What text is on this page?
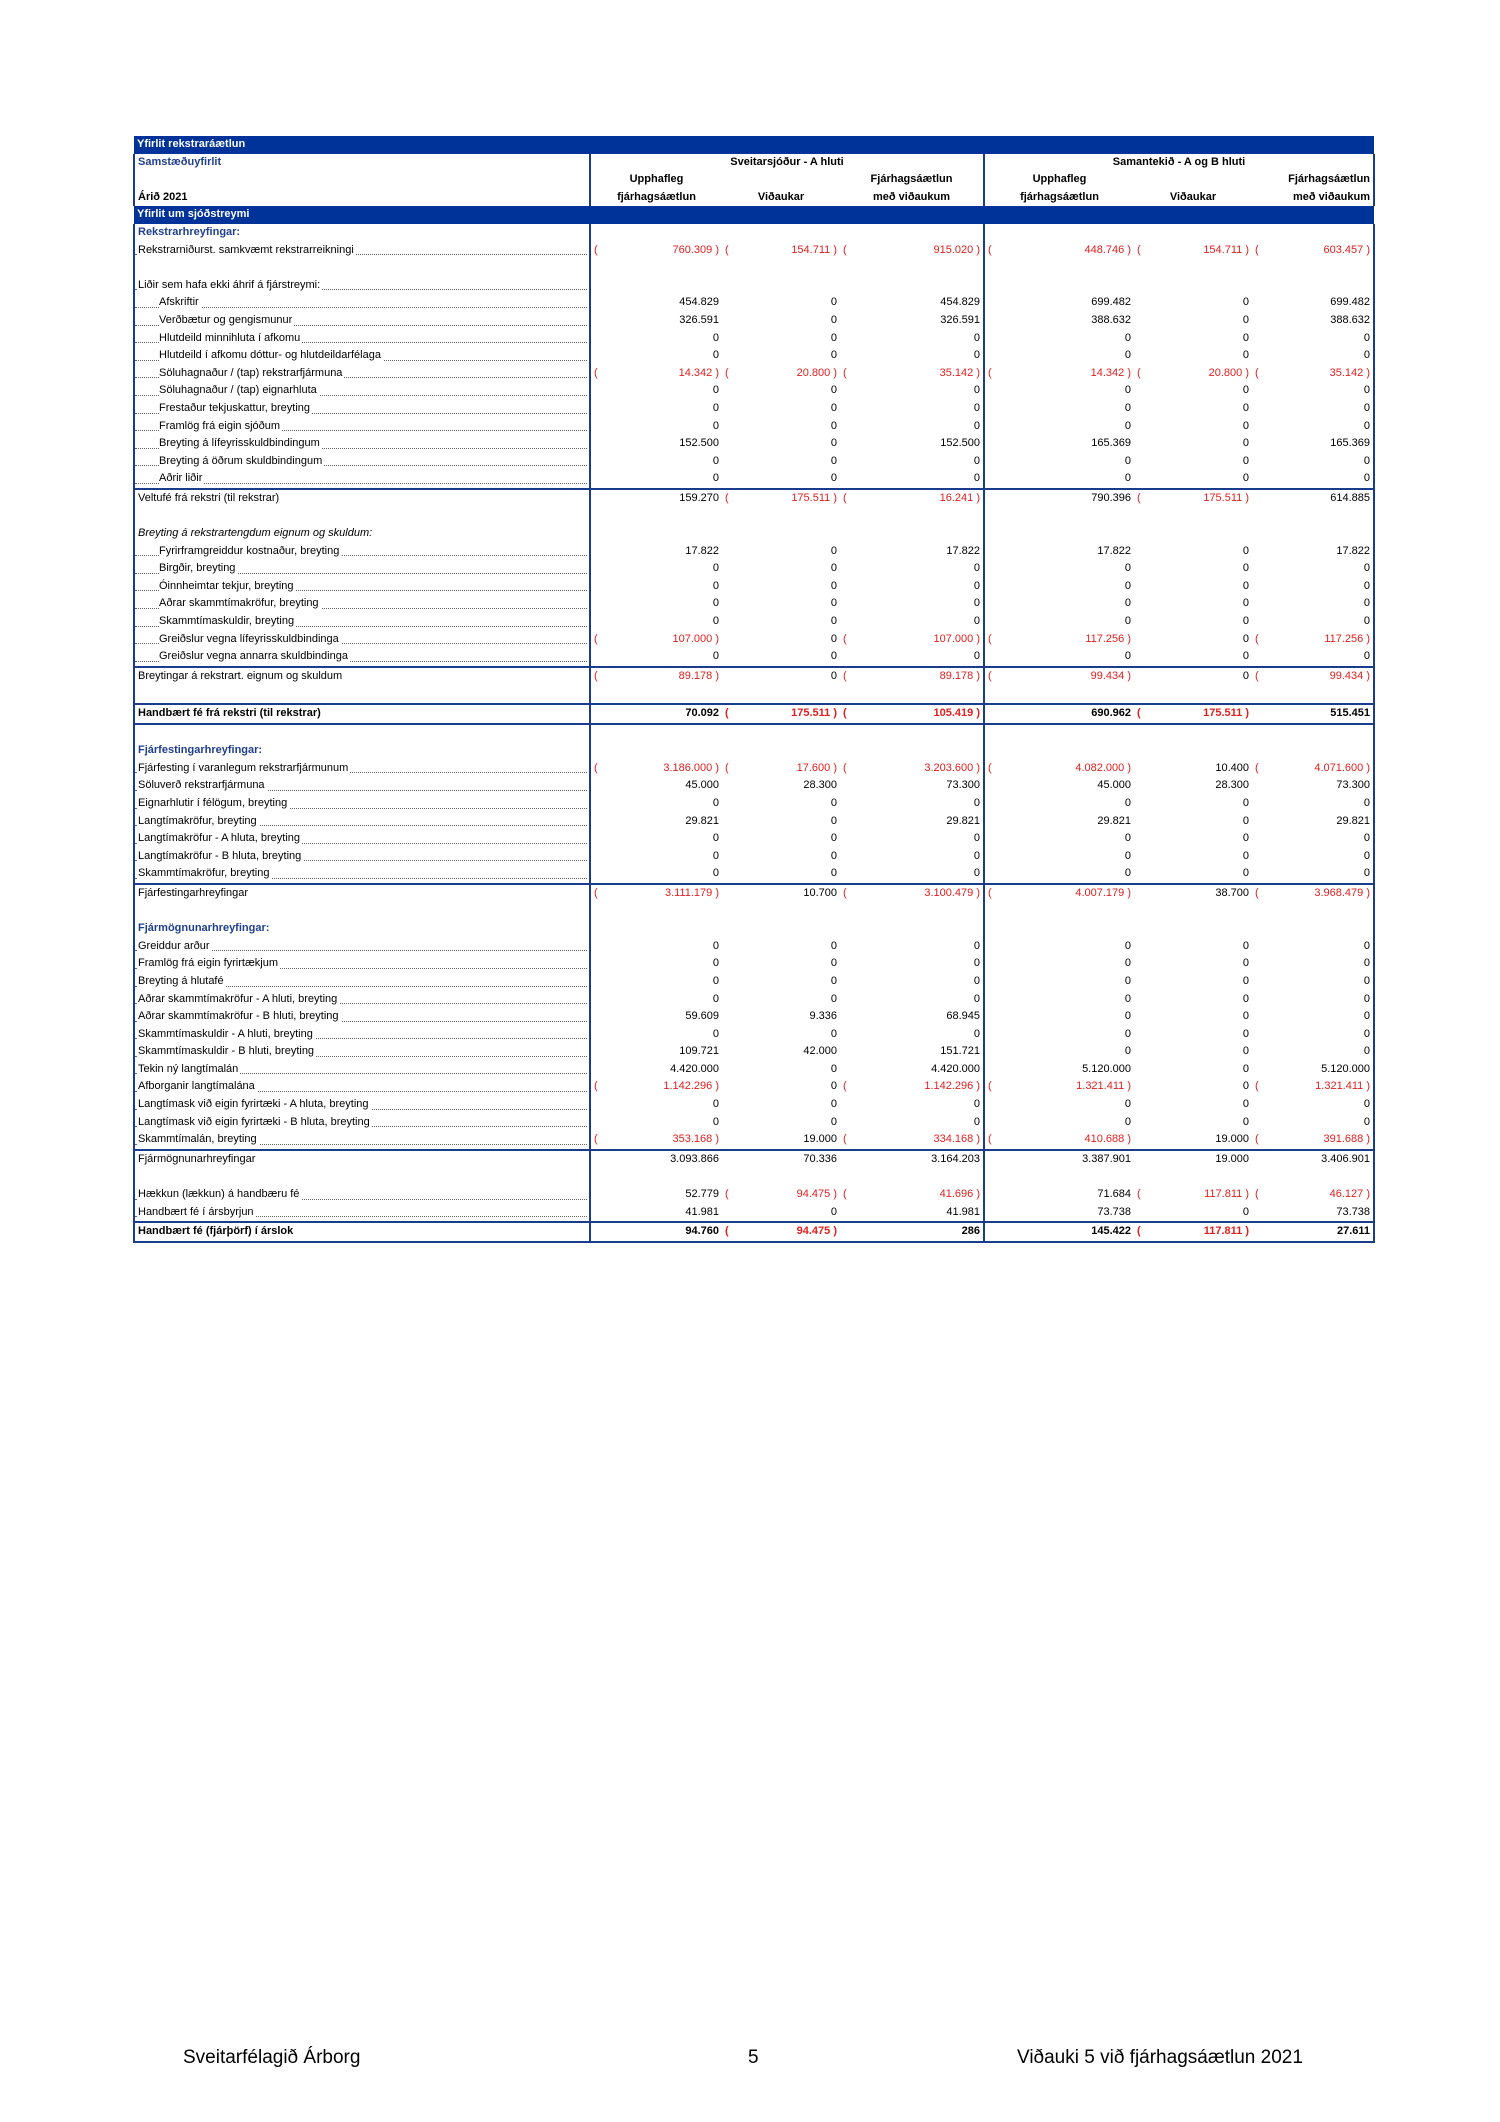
Yfirlit rekstraráætlun						
Samstæðuyfirlit	Sveitarsjóður - A hluti			Samantekið - A og B hluti		
	Upphafleg		Fjárhagsáætlun	Upphafleg		Fjárhagsáætlun
Árið 2021	fjárhagsáætlun	Viðaukar	með viðaukum	fjárhagsáætlun	Viðaukar	með viðaukum
Yfirlit um sjóðstreymi						
Rekstrarhreyfingar:						

Rekstrarniðurst. samkvæmt rekstrarreikningi	( 760.309 )	( 154.711 )	( 915.020 )	( 448.746 )	( 154.711 )	( 603.457 )

Liðir sem hafa ekki áhrif á fjárstreymi:						

Afskriftir	454.829	0	454.829	699.482	0	699.482

Verðbætur og gengismunur	326.591	0	326.591	388.632	0	388.632

Hlutdeild minnihluta í afkomu	0	0	0	0	0	0

Hlutdeild í afkomu dóttur- og hlutdeildarfélaga	0	0	0	0	0	0

Söluhagnaður / (tap) rekstrarfjármuna	( 14.342 )	( 20.800 )	( 35.142 )	( 14.342 )	( 20.800 )	( 35.142 )

Söluhagnaður / (tap) eignarhluta	0	0	0	0	0	0

Frestaður tekjuskattur, breyting	0	0	0	0	0	0

Framlög frá eigin sjóðum	0	0	0	0	0	0

Breyting á lífeyrisskuldbindingum	152.500	0	152.500	165.369	0	165.369

Breyting á öðrum skuldbindingum	0	0	0	0	0	0

Aðrir liðir	0	0	0	0	0	0
Veltufé frá rekstri (til rekstrar)	159.270	( 175.511 )	( 16.241 )	790.396	( 175.511 )	614.885

Breyting á rekstrartengdum eignum og skuldum:						

Fyrirframgreiddur kostnaður, breyting	17.822	0	17.822	17.822	0	17.822

Birgðir, breyting	0	0	0	0	0	0

Óinnheimtar tekjur, breyting	0	0	0	0	0	0

Aðrar skammtímakröfur, breyting	0	0	0	0	0	0

Skammtímaskuldir, breyting	0	0	0	0	0	0

Greiðslur vegna lífeyrisskuldbindinga	( 107.000 )	0	( 107.000 )	( 117.256 )	0	( 117.256 )

Greiðslur vegna annarra skuldbindinga	0	0	0	0	0	0
Breytingar á rekstrart. eignum og skuldum	( 89.178 )	0	( 89.178 )	( 99.434 )	0	( 99.434 )

Handbært fé frá rekstri (til rekstrar)	70.092	( 175.511 )	( 105.419 )	690.962	( 175.511 )	515.451

Fjárfestingarhreyfingar:						

Fjárfesting í varanlegum rekstrarfjármunum	( 3.186.000 )	( 17.600 )	( 3.203.600 )	( 4.082.000 )	10.400	( 4.071.600 )

Söluverð rekstrarfjármuna	45.000	28.300	73.300	45.000	28.300	73.300

Eignarhlutir í félögum, breyting	0	0	0	0	0	0

Langtímakröfur, breyting	29.821	0	29.821	29.821	0	29.821

Langtímakröfur - A hluta, breyting	0	0	0	0	0	0

Langtímakröfur - B hluta, breyting	0	0	0	0	0	0

Skammtímakröfur, breyting	0	0	0	0	0	0
Fjárfestingarhreyfingar	( 3.111.179 )	10.700	( 3.100.479 )	( 4.007.179 )	38.700	( 3.968.479 )

Fjármögnunarhreyfingar:						

Greiddur arður	0	0	0	0	0	0

Framlög frá eigin fyrirtækjum	0	0	0	0	0	0

Breyting á hlutafé	0	0	0	0	0	0

Aðrar skammtímakröfur - A hluti, breyting	0	0	0	0	0	0

Aðrar skammtímakröfur - B hluti, breyting	59.609	9.336	68.945	0	0	0

Skammtímaskuldir - A hluti, breyting	0	0	0	0	0	0

Skammtímaskuldir - B hluti, breyting	109.721	42.000	151.721	0	0	0

Tekin ný langtímalán	4.420.000	0	4.420.000	5.120.000	0	5.120.000

Afborganir langtímalána	( 1.142.296 )	0	( 1.142.296 )	( 1.321.411 )	0	( 1.321.411 )

Langtímask við eigin fyrirtæki - A hluta, breyting	0	0	0	0	0	0

Langtímask við eigin fyrirtæki - B hluta, breyting	0	0	0	0	0	0

Skammtímalán, breyting	( 353.168 )	19.000	( 334.168 )	( 410.688 )	19.000	( 391.688 )
Fjármögnunarhreyfingar	3.093.866	70.336	3.164.203	3.387.901	19.000	3.406.901

Hækkun (lækkun) á handbæru fé	52.779	( 94.475 )	( 41.696 )	71.684	( 117.811 )	( 46.127 )

Handbært fé í ársbyrjun	41.981	0	41.981	73.738	0	73.738
Handbært fé (fjárþörf) í árslok	94.760	( 94.475 )	286	145.422	( 117.811 )	27.611
Sveitarfélagið Árborg	5	Viðauki 5 við fjárhagsáætlun 2021
